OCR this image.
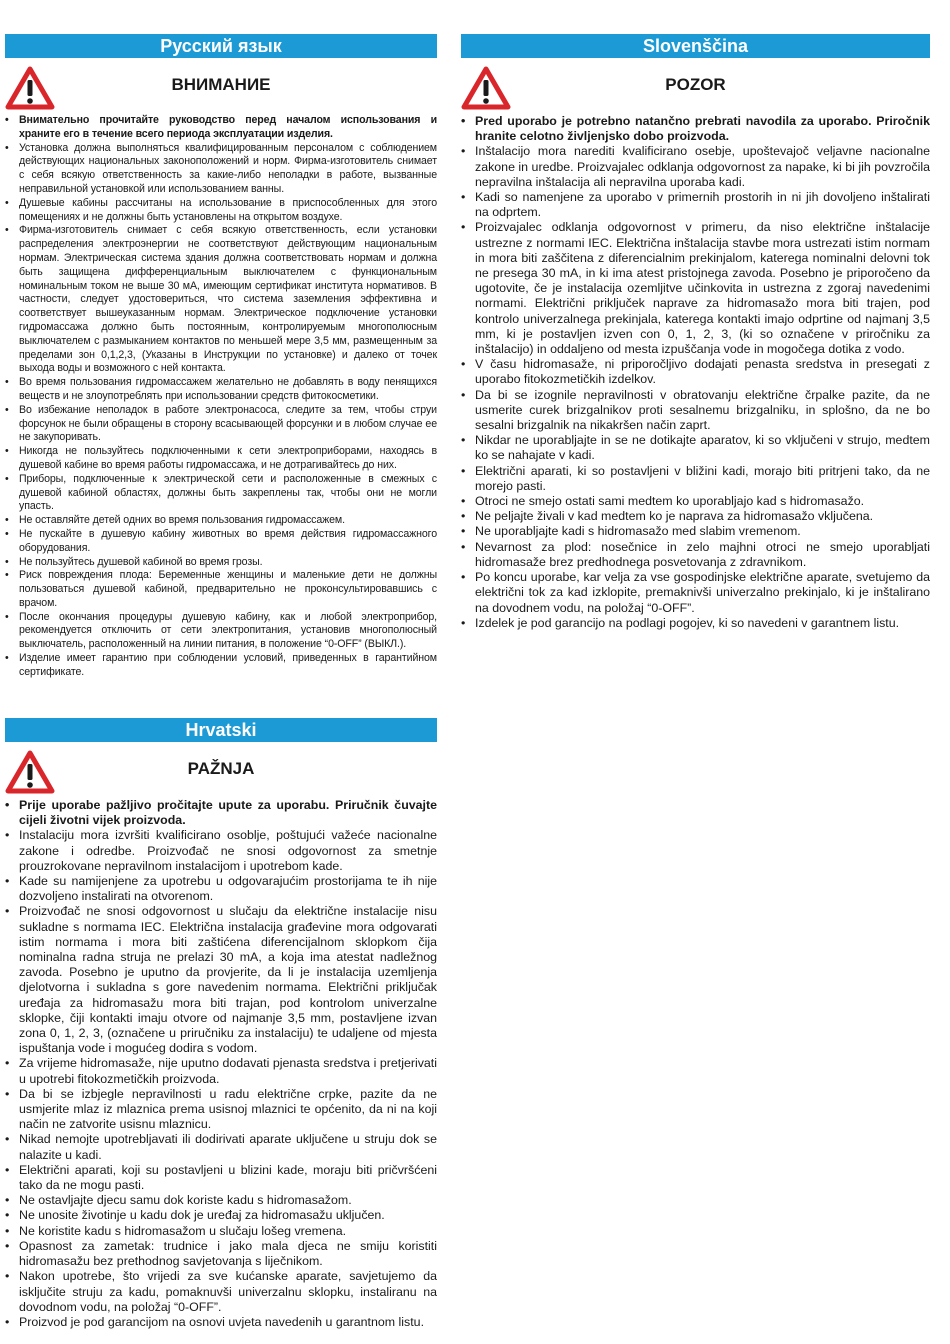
Русский язык
ВНИМАНИЕ
• Внимательно прочитайте руководство перед началом использования и храните его в течение всего периода эксплуатации изделия.
• Установка должна выполняться квалифицированным персоналом с соблюдением действующих национальных законоположений и норм. Фирма-изготовитель снимает с себя всякую ответственность за какие-либо неполадки в работе, вызванные неправильной установкой или использованием ванны.
• Душевые кабины рассчитаны на использование в приспособленных для этого помещениях и не должны быть установлены на открытом воздухе.
• Фирма-изготовитель снимает с себя всякую ответственность, если установки распределения электроэнергии не соответствуют действующим национальным нормам. Электрическая система здания должна соответствовать нормам и должна быть защищена дифференциальным выключателем с функциональным номинальным током не выше 30 мА, имеющим сертификат института нормативов. В частности, следует удостовериться, что система заземления эффективна и соответствует вышеуказанным нормам. Электрическое подключение установки гидромассажа должно быть постоянным, контролируемым многополюсным выключателем с размыканием контактов по меньшей мере 3,5 мм, размещенным за пределами зон 0,1,2,3, (Указаны в Инструкции по установке) и далеко от точек выхода воды и возможного с ней контакта.
• Во время пользования гидромассажем желательно не добавлять в воду пенящихся веществ и не злоупотреблять при использовании средств фитокосметики.
• Во избежание неполадок в работе электронасоса, следите за тем, чтобы струи форсунок не были обращены в сторону всасывающей форсунки и в любом случае ее не закупоривать.
• Никогда не пользуйтесь подключенными к сети электроприборами, находясь в душевой кабине во время работы гидромассажа, и не дотрагивайтесь до них.
• Приборы, подключенные к электрической сети и расположенные в смежных с душевой кабиной областях, должны быть закреплены так, чтобы они не могли упасть.
• Не оставляйте детей одних во время пользования гидромассажем.
• Не пускайте в душевую кабину животных во время действия гидромассажного оборудования.
• Не пользуйтесь душевой кабиной во время грозы.
• Риск повреждения плода: Беременные женщины и маленькие дети не должны пользоваться душевой кабиной, предварительно не проконсультировавшись с врачом.
• После окончания процедуры душевую кабину, как и любой электроприбор, рекомендуется отключить от сети электропитания, установив многополюсный выключатель, расположенный на линии питания, в положение “0-OFF” (ВЫКЛ.).
• Изделие имеет гарантию при соблюдении условий, приведенных в гарантийном сертификате.
Slovenščina
POZOR
• Pred uporabo je potrebno natančno prebrati navodila za uporabo. Priročnik hranite celotno življenjsko dobo proizvoda.
• Inštalacijo mora narediti kvalificirano osebje, upoštevajoč veljavne nacionalne zakone in uredbe. Proizvajalec odklanja odgovornost za napake, ki bi jih povzročila nepravilna inštalacija ali nepravilna uporaba kadi.
• Kadi so namenjene za uporabo v primernih prostorih in ni jih dovoljeno inštalirati na odprtem.
• Proizvajalec odklanja odgovornost v primeru, da niso električne inštalacije ustrezne z normami IEC. Električna inštalacija stavbe mora ustrezati istim normam in mora biti zaščitena z diferencialnim prekinjalom, katerega nominalni delovni tok ne presega 30 mA, in ki ima atest pristojnega zavoda. Posebno je priporočeno da ugotovite, če je instalacija ozemljitve učinkovita in ustrezna z zgoraj navedenimi normami. Električni priključek naprave za hidromasažo mora biti trajen, pod kontrolo univerzalnega prekinjala, katerega kontakti imajo odprtine od najmanj 3,5 mm, ki je postavljen izven con 0, 1, 2, 3, (ki so označene v priročniku za inštalacijo) in oddaljeno od mesta izpuščanja vode in mogočega dotika z vodo.
• V času hidromasaže, ni priporočljivo dodajati penasta sredstva in presegati z uporabo fitokozmetičkih izdelkov.
• Da bi se izognile nepravilnosti v obratovanju električne črpalke pazite, da ne usmerite curek brizgalnikov proti sesalnemu brizgalniku, in splošno, da ne bo sesalni brizgalnik na nikakršen način zaprt.
• Nikdar ne uporabljajte in se ne dotikajte aparatov, ki so vključeni v strujo, medtem ko se nahajate v kadi.
• Električni aparati, ki so postavljeni v bližini kadi, morajo biti pritrjeni tako, da ne morejo pasti.
• Otroci ne smejo ostati sami medtem ko uporabljajo kad s hidromasažo.
• Ne peljajte živali v kad medtem ko je naprava za hidromasažo vključena.
• Ne uporabljajte kadi s hidromasažo med slabim vremenom.
• Nevarnost za plod: nosečnice in zelo majhni otroci ne smejo uporabljati hidromasaže brez predhodnega posvetovanja z zdravnikom.
• Po koncu uporabe, kar velja za vse gospodinjske električne aparate, svetujemo da električni tok za kad izklopite, premaknivši univerzalno prekinjalo, ki je inštalirano na dovodnem vodu, na položaj “0-OFF”.
• Izdelek je pod garancijo na podlagi pogojev, ki so navedeni v garantnem listu.
Hrvatski
PAŽNJA
• Prije uporabe pažljivo pročitajte upute za uporabu. Priručnik čuvajte cijeli životni vijek proizvoda.
• Instalaciju mora izvršiti kvalificirano osoblje, poštujući važeće nacionalne zakone i odredbe. Proizvođač ne snosi odgovornost za smetnje prouzrokovane nepravilnom instalacijom i upotrebom kade.
• Kade su namijenjene za upotrebu u odgovarajućim prostorijama te ih nije dozvoljeno instalirati na otvorenom.
• Proizvođač ne snosi odgovornost u slučaju da električne instalacije nisu sukladne s normama IEC. Električna instalacija građevine mora odgovarati istim normama i mora biti zaštićena diferencijalnom sklopkom čija nominalna radna struja ne prelazi 30 mA, a koja ima atestat nadležnog zavoda. Posebno je uputno da provjerite, da li je instalacija uzemljenja djelotvorna i sukladna s gore navedenim normama. Električni priključak uređaja za hidromasažu mora biti trajan, pod kontrolom univerzalne sklopke, čiji kontakti imaju otvore od najmanje 3,5 mm, postavljene izvan zona 0, 1, 2, 3, (označene u priručniku za instalaciju) te udaljene od mjesta ispuštanja vode i mogućeg dodira s vodom.
• Za vrijeme hidromasaže, nije uputno dodavati pjenasta sredstva i pretjerivati u upotrebi fitokozmetičkih proizvoda.
• Da bi se izbjegle nepravilnosti u radu električne crpke, pazite da ne usmjerite mlaz iz mlaznica prema usisnoj mlaznici te općenito, da ni na koji način ne zatvorite usisnu mlaznicu.
• Nikad nemojte upotrebljavati ili dodirivati aparate uključene u struju dok se nalazite u kadi.
• Električni aparati, koji su postavljeni u blizini kade, moraju biti pričvršćeni tako da ne mogu pasti.
• Ne ostavljajte djecu samu dok koriste kadu s hidromasažom.
• Ne unosite životinje u kadu dok je uređaj za hidromasažu uključen.
• Ne koristite kadu s hidromasažom u slučaju lošeg vremena.
• Opasnost za zametak: trudnice i jako mala djeca ne smiju koristiti hidromasažu bez prethodnog savjetovanja s liječnikom.
• Nakon upotrebe, što vrijedi za sve kućanske aparate, savjetujemo da isključite struju za kadu, pomaknuvši univerzalnu sklopku, instaliranu na dovodnom vodu, na položaj “0-OFF”.
• Proizvod je pod garancijom na osnovi uvjeta navedenih u garantnom listu.
